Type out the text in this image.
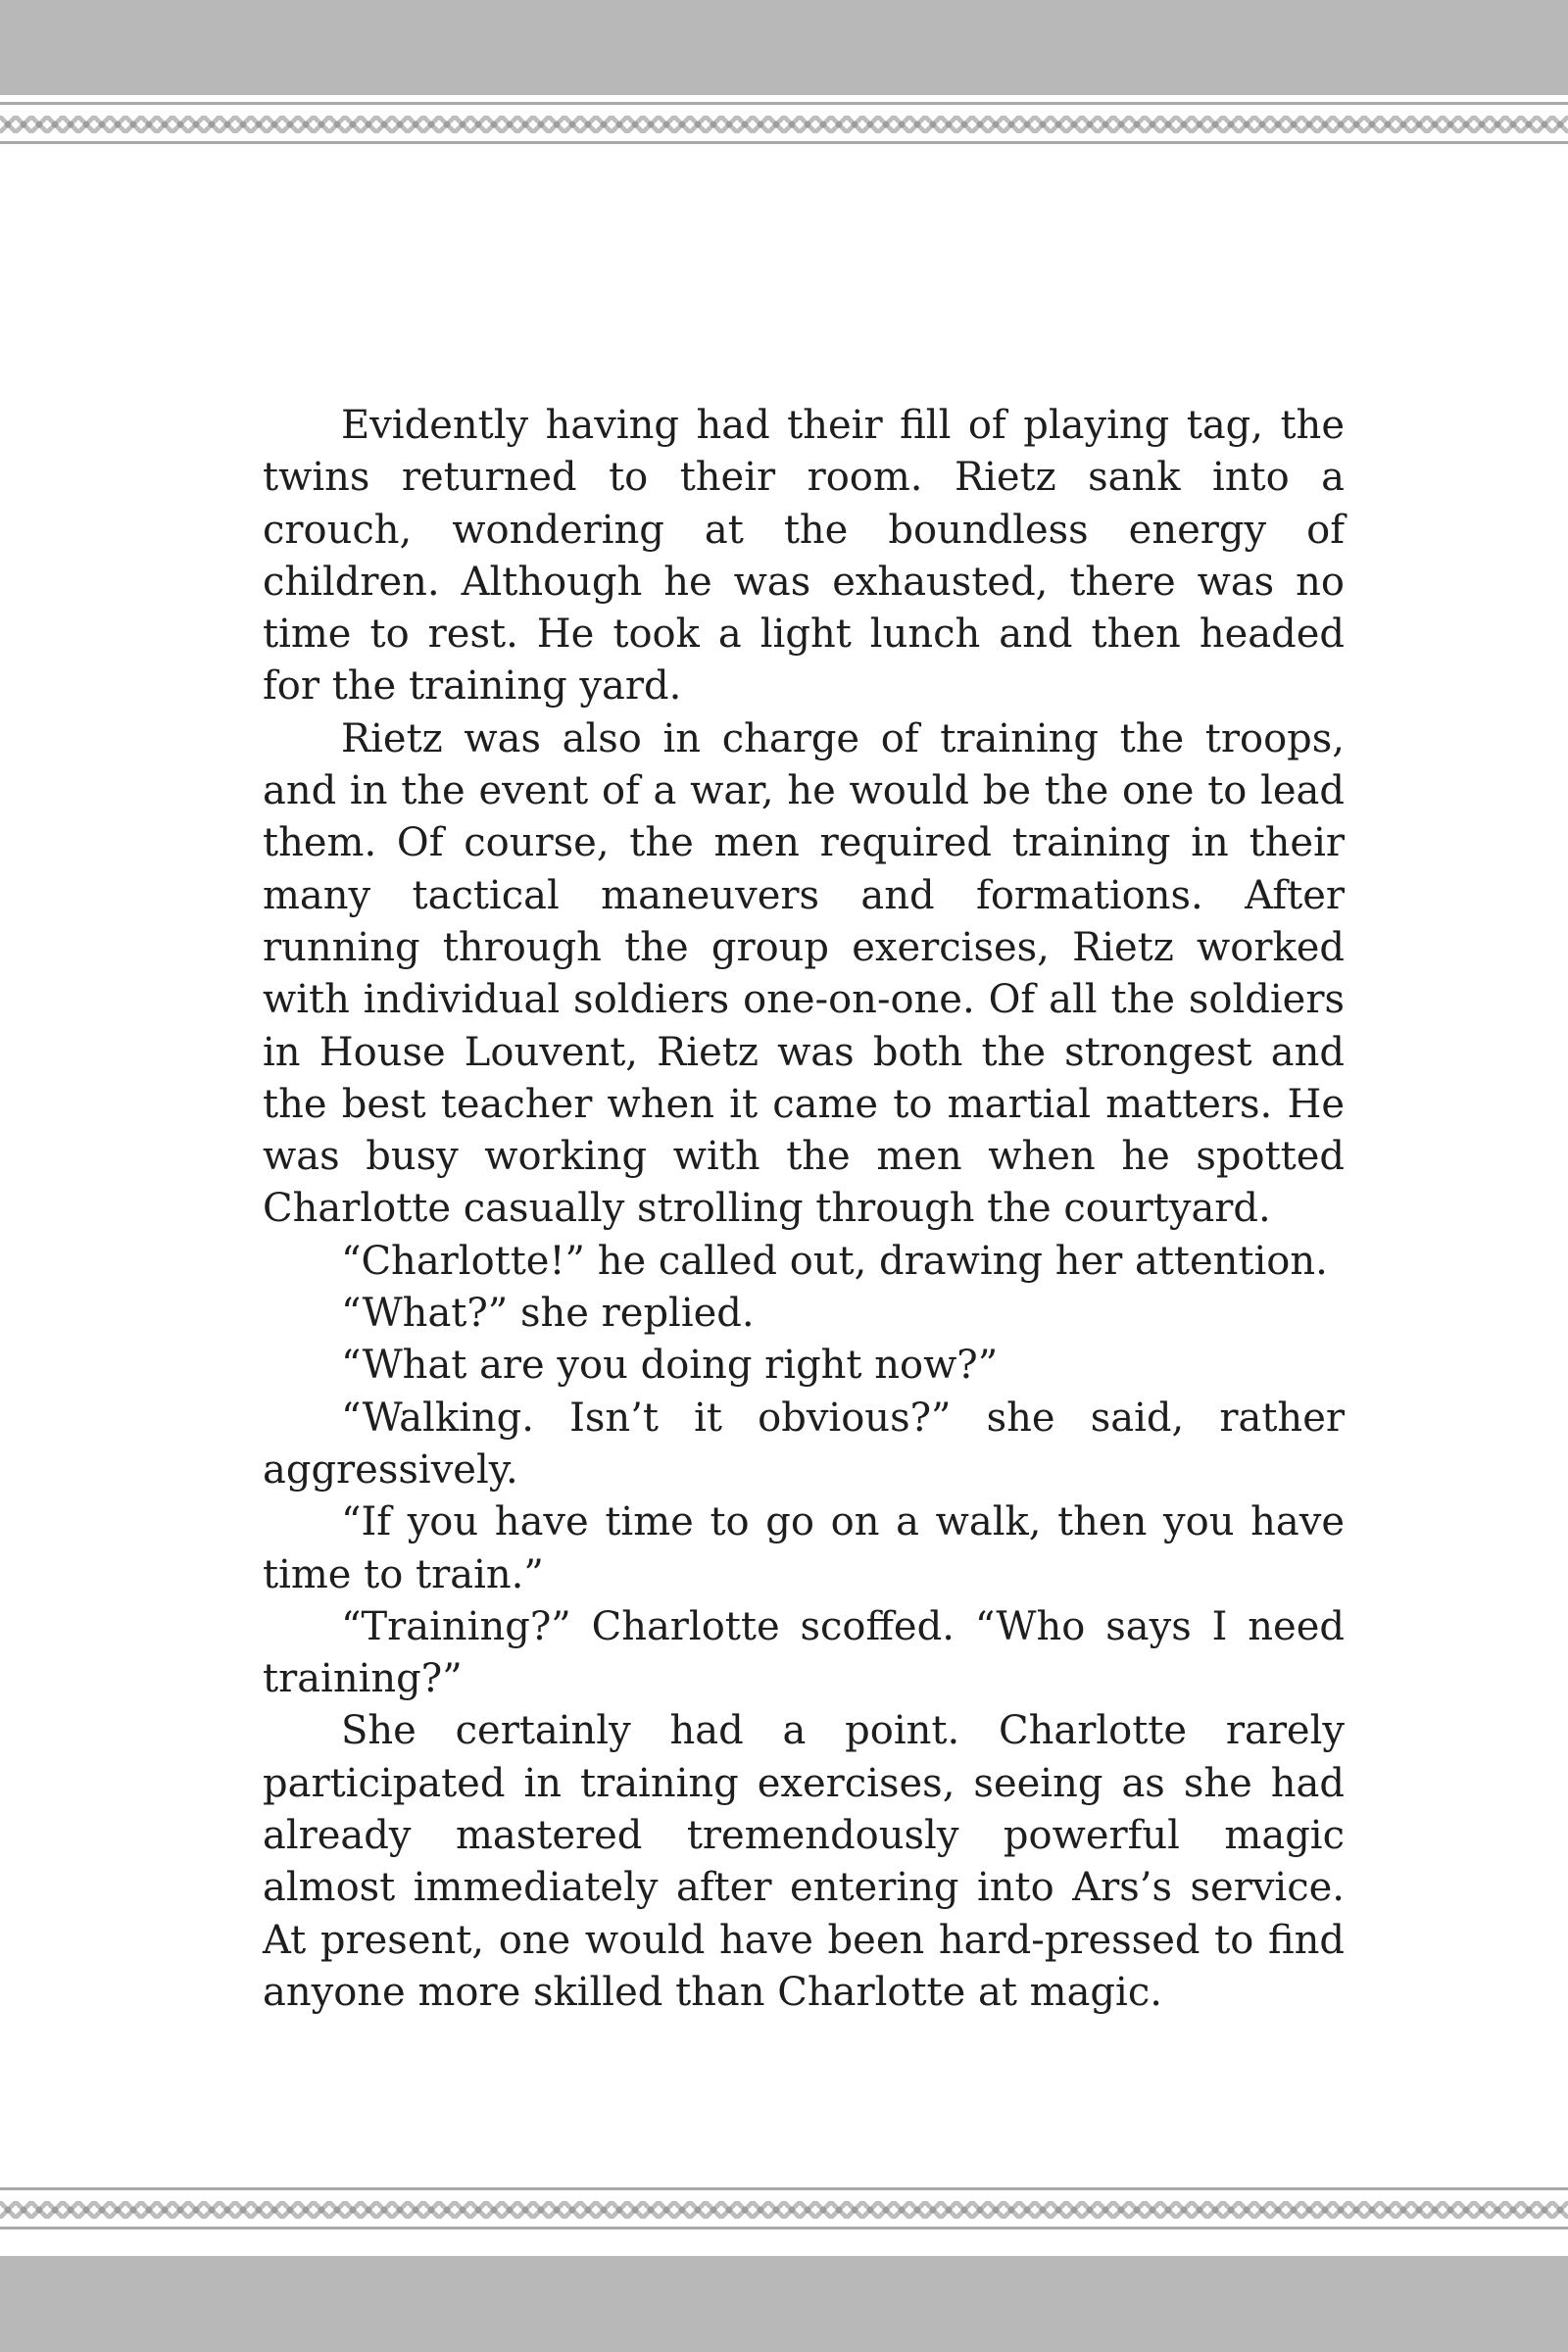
Evidently having had their fill of playing tag, the twins returned to their room. Rietz sank into a crouch, wondering at the boundless energy of children. Although he was exhausted, there was no time to rest. He took a light lunch and then headed for the training yard.

Rietz was also in charge of training the troops, and in the event of a war, he would be the one to lead them. Of course, the men required training in their many tactical maneuvers and formations. After running through the group exercises, Rietz worked with individual soldiers one-on-one. Of all the soldiers in House Louvent, Rietz was both the strongest and the best teacher when it came to martial matters. He was busy working with the men when he spotted Charlotte casually strolling through the courtyard.

“Charlotte!” he called out, drawing her attention.

“What?” she replied.

“What are you doing right now?”

“Walking. Isn’t it obvious?” she said, rather aggressively.

“If you have time to go on a walk, then you have time to train.”

“Training?” Charlotte scoffed. “Who says I need training?”

She certainly had a point. Charlotte rarely participated in training exercises, seeing as she had already mastered tremendously powerful magic almost immediately after entering into Ars’s service. At present, one would have been hard-pressed to find anyone more skilled than Charlotte at magic.
